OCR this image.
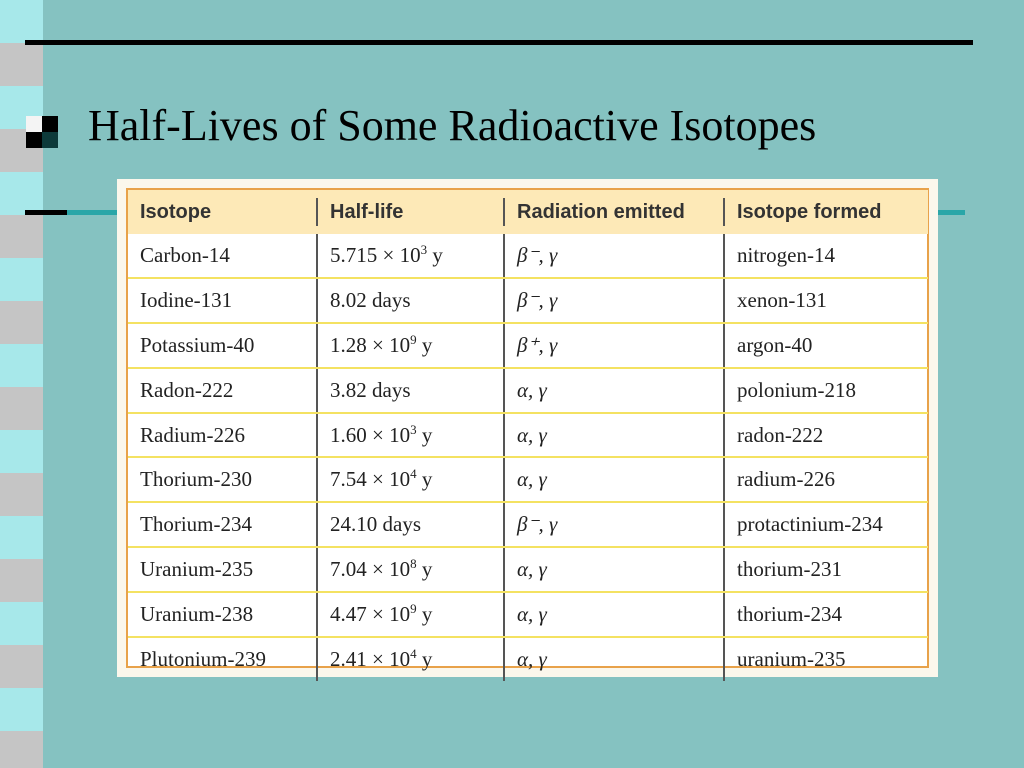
Half-Lives of Some Radioactive Isotopes
Isotope	Half-life	Radiation emitted	Isotope formed
Carbon-14	$5.715 \times 10^3$ y	β⁻, γ	nitrogen-14
Iodine-131	8.02 days	β⁻, γ	xenon-131
Potassium-40	$1.28 \times 10^9$ y	β⁺, γ	argon-40
Radon-222	3.82 days	α, γ	polonium-218
Radium-226	$1.60 \times 10^3$ y	α, γ	radon-222
Thorium-230	$7.54 \times 10^4$ y	α, γ	radium-226
Thorium-234	24.10 days	β⁻, γ	protactinium-234
Uranium-235	$7.04 \times 10^8$ y	α, γ	thorium-231
Uranium-238	$4.47 \times 10^9$ y	α, γ	thorium-234
Plutonium-239	$2.41 \times 10^4$ y	α, γ	uranium-235
